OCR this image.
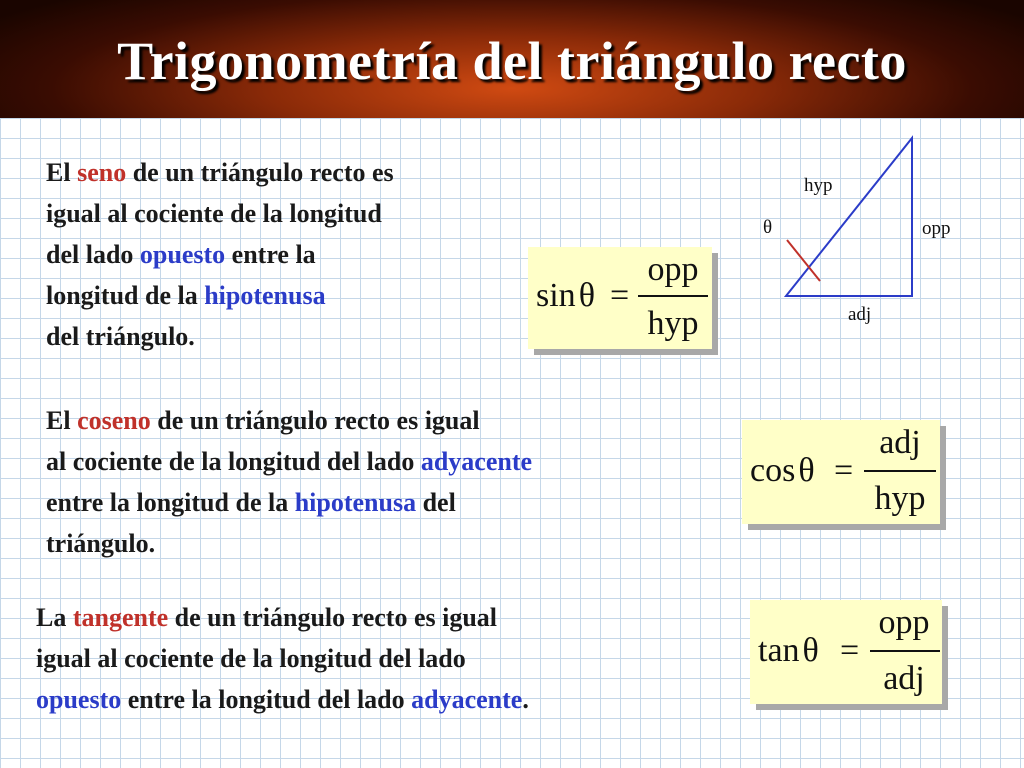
Trigonometría del triángulo recto
El seno de un triángulo recto es
igual al cociente de la longitud
del lado opuesto entre la
longitud de la hipotenusa
del triángulo.
sinθ =
opp
hyp
hyp
opp
adj
θ
El coseno de un triángulo recto es igual
al cociente de la longitud del lado adyacente
entre la longitud de la hipotenusa del
triángulo.
cosθ =
adj
hyp
La tangente de un triángulo recto es igual
igual al cociente de la longitud del lado
opuesto entre la longitud del lado adyacente.
tanθ =
opp
adj
